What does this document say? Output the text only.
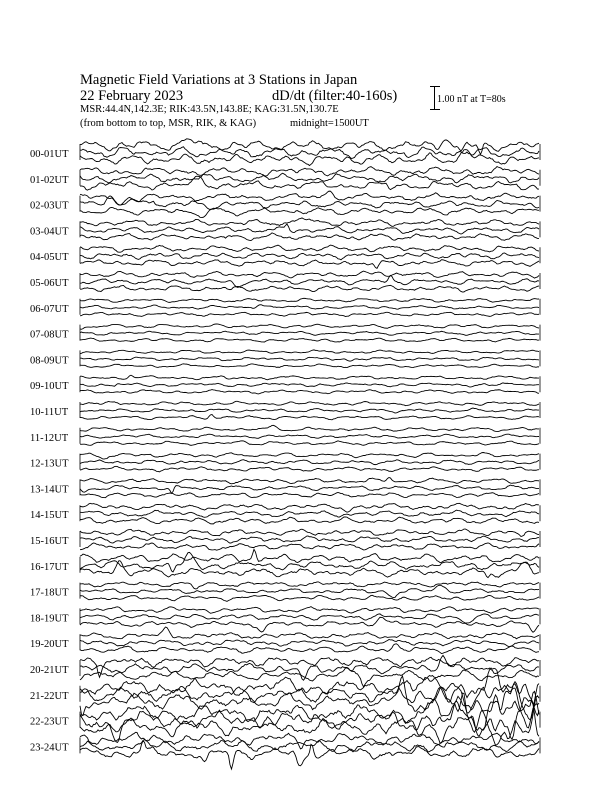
Magnetic Field Variations at 3 Stations in Japan
22 February 2023	dD/dt (filter:40-160s)
MSR:44.4N,142.3E; RIK:43.5N,143.8E; KAG:31.5N,130.7E
(from bottom to top, MSR, RIK, & KAG)	midnight=1500UT
1.00 nT at T=80s
00-01UT
01-02UT
02-03UT
03-04UT
04-05UT
05-06UT
06-07UT
07-08UT
08-09UT
09-10UT
10-11UT
11-12UT
12-13UT
13-14UT
14-15UT
15-16UT
16-17UT
17-18UT
18-19UT
19-20UT
20-21UT
21-22UT
22-23UT
23-24UT
